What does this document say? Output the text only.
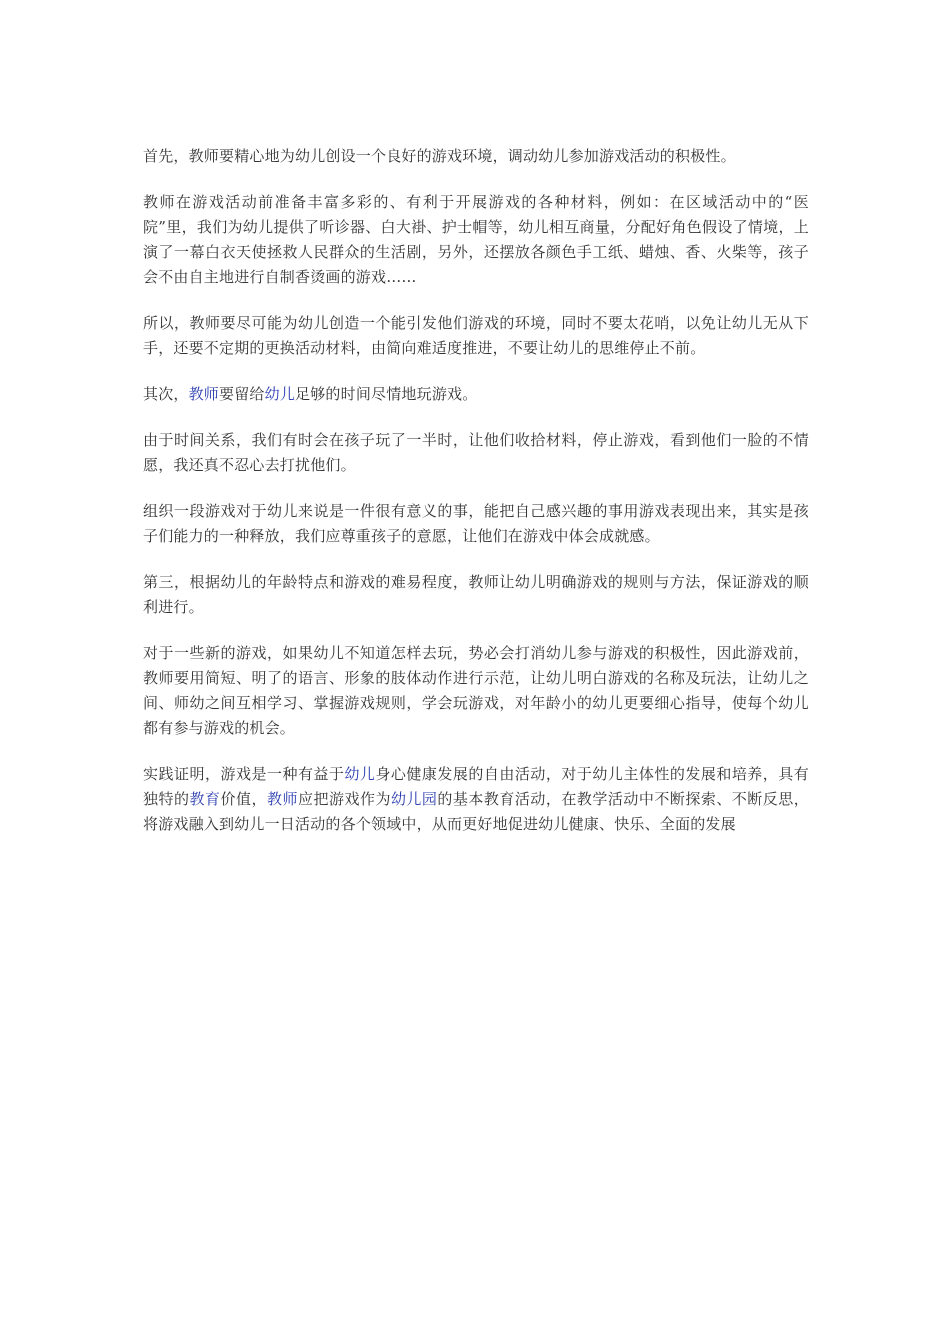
首先，教师要精心地为幼儿创设一个良好的游戏环境，调动幼儿参加游戏活动的积极性。

教师在游戏活动前准备丰富多彩的、有利于开展游戏的各种材料，例如：在区域活动中的“医院”里，我们为幼儿提供了听诊器、白大褂、护士帽等，幼儿相互商量，分配好角色假设了情境，上演了一幕白衣天使拯救人民群众的生活剧，另外，还摆放各颜色手工纸、蜡烛、香、火柴等，孩子会不由自主地进行自制香烫画的游戏……

所以，教师要尽可能为幼儿创造一个能引发他们游戏的环境，同时不要太花哨，以免让幼儿无从下手，还要不定期的更换活动材料，由简向难适度推进，不要让幼儿的思维停止不前。

其次，教师要留给幼儿足够的时间尽情地玩游戏。

由于时间关系，我们有时会在孩子玩了一半时，让他们收拾材料，停止游戏，看到他们一脸的不情愿，我还真不忍心去打扰他们。

组织一段游戏对于幼儿来说是一件很有意义的事，能把自己感兴趣的事用游戏表现出来，其实是孩子们能力的一种释放，我们应尊重孩子的意愿，让他们在游戏中体会成就感。

第三，根据幼儿的年龄特点和游戏的难易程度，教师让幼儿明确游戏的规则与方法，保证游戏的顺利进行。

对于一些新的游戏，如果幼儿不知道怎样去玩，势必会打消幼儿参与游戏的积极性，因此游戏前，教师要用简短、明了的语言、形象的肢体动作进行示范，让幼儿明白游戏的名称及玩法，让幼儿之间、师幼之间互相学习、掌握游戏规则，学会玩游戏，对年龄小的幼儿更要细心指导，使每个幼儿都有参与游戏的机会。

实践证明，游戏是一种有益于幼儿身心健康发展的自由活动，对于幼儿主体性的发展和培养，具有独特的教育价值，教师应把游戏作为幼儿园的基本教育活动，在教学活动中不断探索、不断反思，将游戏融入到幼儿一日活动的各个领域中，从而更好地促进幼儿健康、快乐、全面的发展
